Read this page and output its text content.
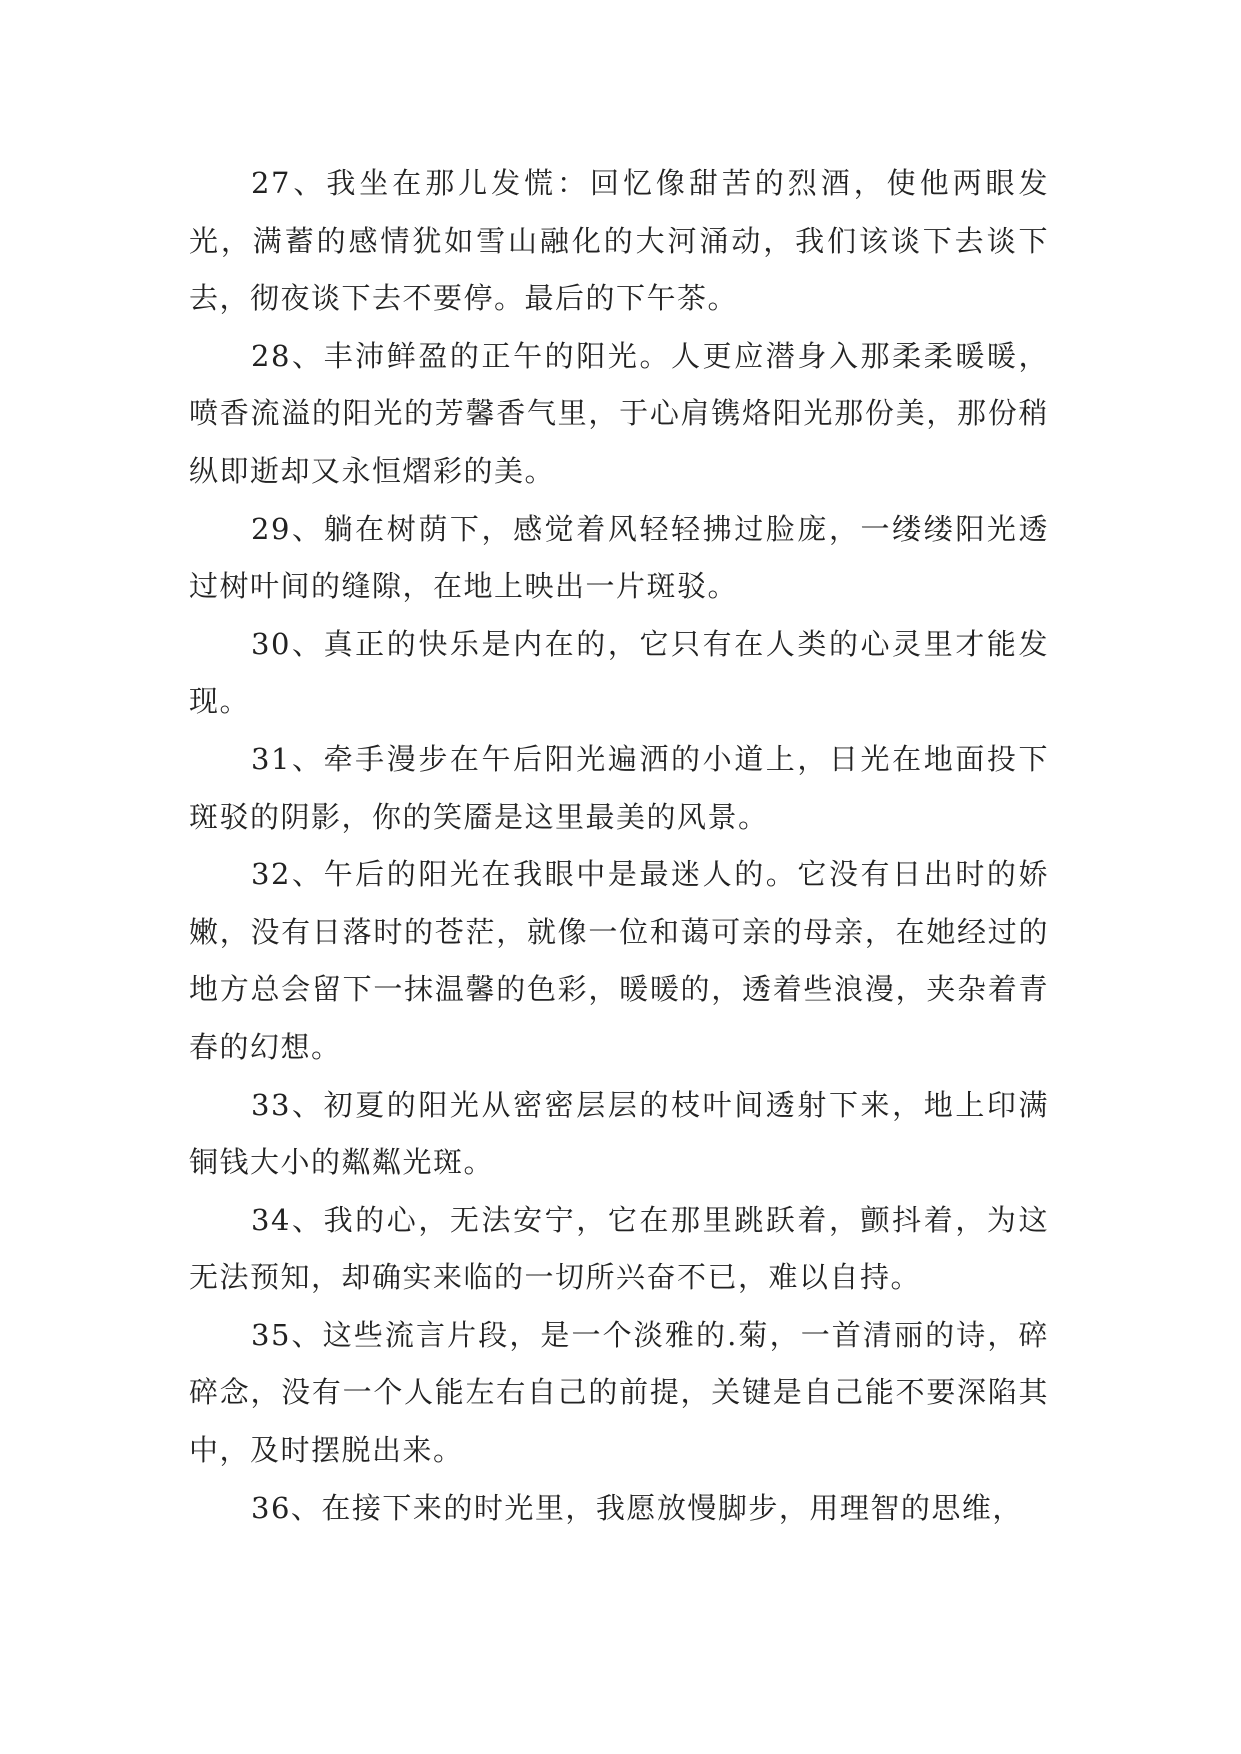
27、我坐在那儿发慌：回忆像甜苦的烈酒，使他两眼发光，满蓄的感情犹如雪山融化的大河涌动，我们该谈下去谈下去，彻夜谈下去不要停。最后的下午茶。

28、丰沛鲜盈的正午的阳光。人更应潜身入那柔柔暖暖，喷香流溢的阳光的芳馨香气里，于心肩镌烙阳光那份美，那份稍纵即逝却又永恒熠彩的美。

29、躺在树荫下，感觉着风轻轻拂过脸庞，一缕缕阳光透过树叶间的缝隙，在地上映出一片斑驳。

30、真正的快乐是内在的，它只有在人类的心灵里才能发现。

31、牵手漫步在午后阳光遍洒的小道上，日光在地面投下斑驳的阴影，你的笑靥是这里最美的风景。

32、午后的阳光在我眼中是最迷人的。它没有日出时的娇嫩，没有日落时的苍茫，就像一位和蔼可亲的母亲，在她经过的地方总会留下一抹温馨的色彩，暖暖的，透着些浪漫，夹杂着青春的幻想。

33、初夏的阳光从密密层层的枝叶间透射下来，地上印满铜钱大小的粼粼光斑。

34、我的心，无法安宁，它在那里跳跃着，颤抖着，为这无法预知，却确实来临的一切所兴奋不已，难以自持。

35、这些流言片段，是一个淡雅的.菊，一首清丽的诗，碎碎念，没有一个人能左右自己的前提，关键是自己能不要深陷其中，及时摆脱出来。

36、在接下来的时光里，我愿放慢脚步，用理智的思维，
